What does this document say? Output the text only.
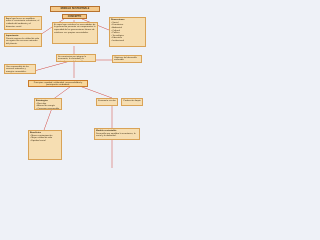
MODELO SUSTENTABLE
CONCEPTO
Aquel que busca un equilibrio entre el crecimiento económico, el cuidado del ambiente y el bienestar social.
Dimensiones
• Social
• Económica
• Ambiental
• Cultural
• Política
• Tecnológica
• Educativa
• Institucional
Importancia
Permite mejorar la calidad de vida sin agotar los recursos naturales del planeta.
Es aquel que satisface las necesidades de la generación presente sin comprometer la capacidad de las generaciones futuras de satisfacer sus propias necesidades.
Se caracteriza por integrar la economía, la sociedad y la naturaleza en el desarrollo.
Objetivos del desarrollo sostenible
Uso responsable de los recursos naturales y energías renovables.
Principios: equidad, solidaridad, responsabilidad y participación ciudadana.
Estrategias
• Reciclaje
• Ahorro de energía
• Consumo responsable
Economía circular	Producción limpia
Beneficios
• Menor contaminación
• Mejor calidad de vida
• Equidad social
Modelo sustentable
Desarrollo que equilibra lo económico, lo social y lo ambiental.
